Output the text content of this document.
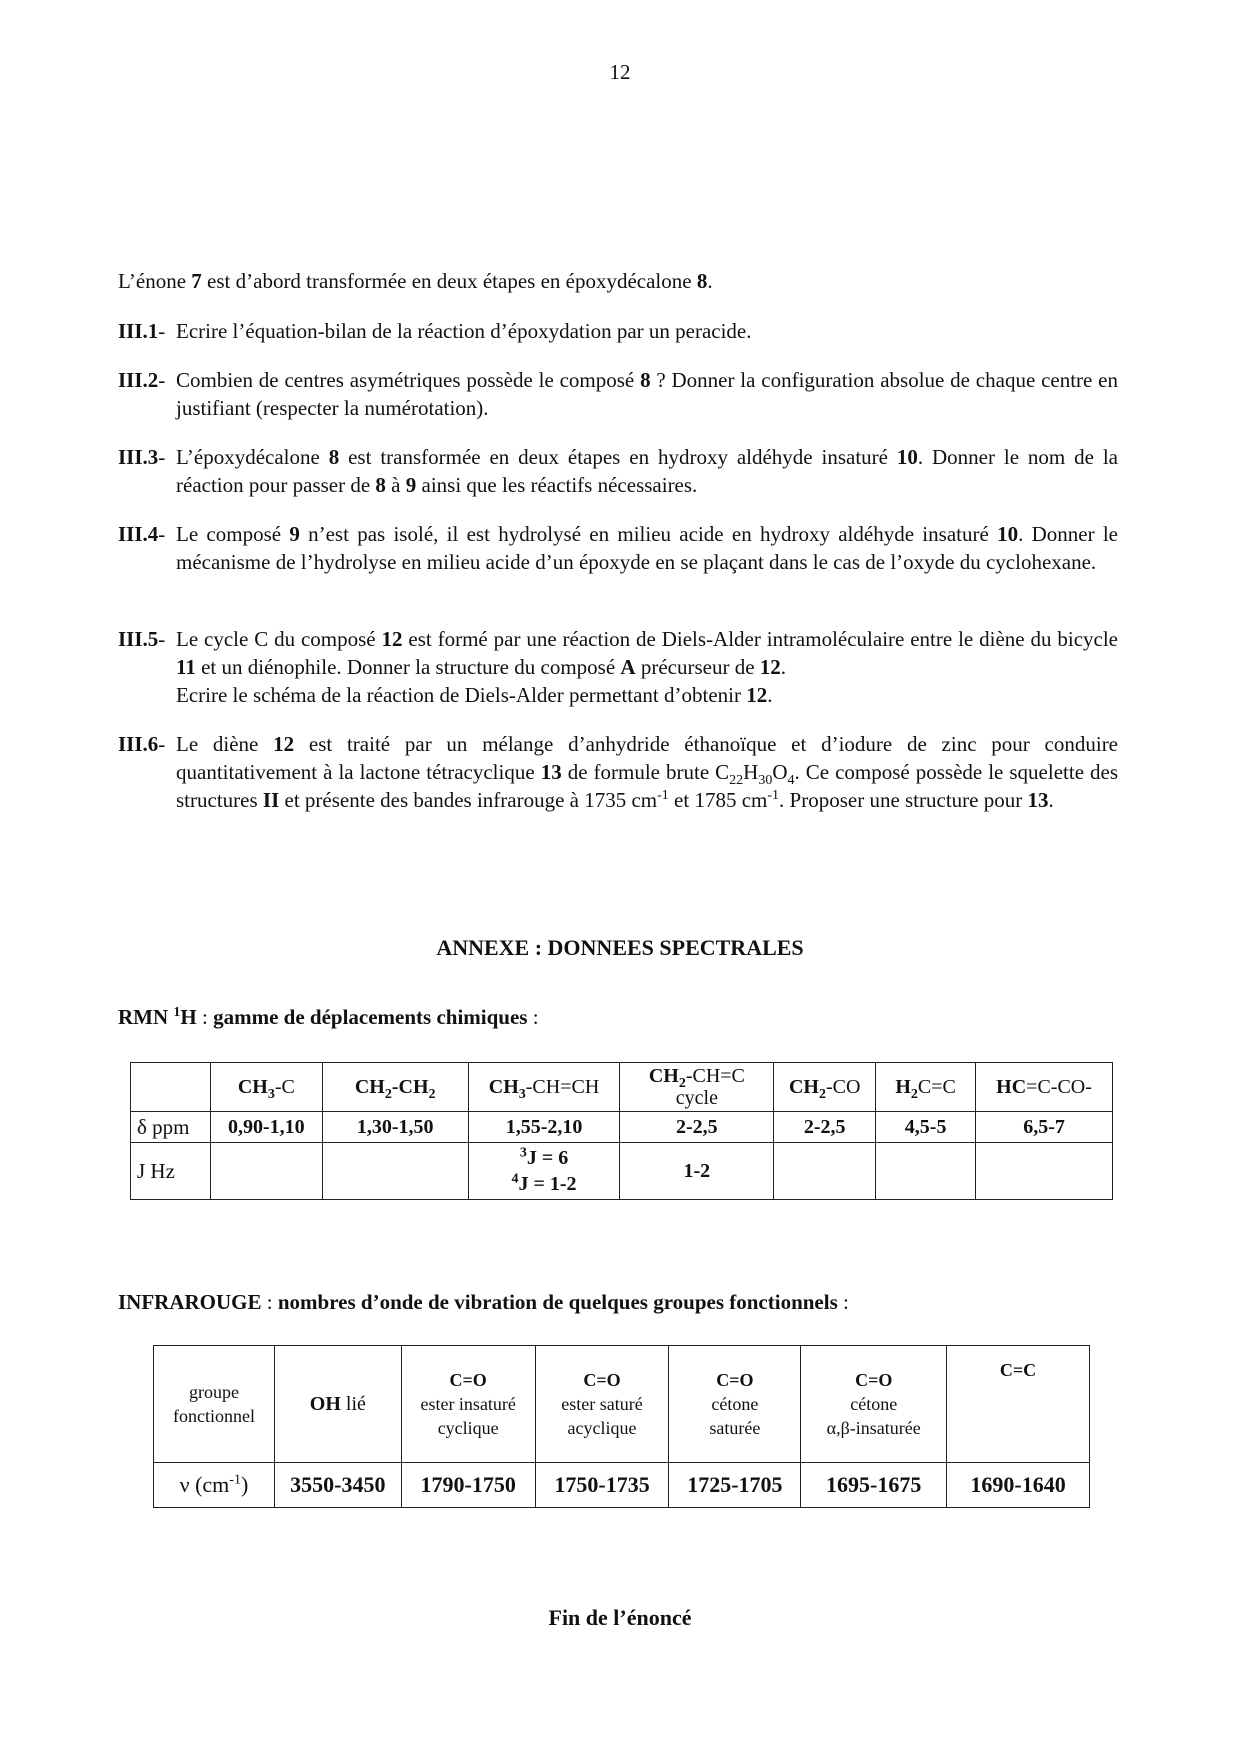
12
L’énone 7 est d’abord transformée en deux étapes en époxydécalone 8.
III.1- Ecrire l’équation-bilan de la réaction d’époxydation par un peracide.
III.2- Combien de centres asymétriques possède le composé 8 ? Donner la configuration absolue de chaque centre en justifiant (respecter la numérotation).
III.3- L’époxydécalone 8 est transformée en deux étapes en hydroxy aldéhyde insaturé 10. Donner le nom de la réaction pour passer de 8 à 9 ainsi que les réactifs nécessaires.
III.4- Le composé 9 n’est pas isolé, il est hydrolysé en milieu acide en hydroxy aldéhyde insaturé 10. Donner le mécanisme de l’hydrolyse en milieu acide d’un époxyde en se plaçant dans le cas de l’oxyde du cyclohexane.
III.5- Le cycle C du composé 12 est formé par une réaction de Diels-Alder intramoléculaire entre le diène du bicycle 11 et un diénophile. Donner la structure du composé A précurseur de 12.
Ecrire le schéma de la réaction de Diels-Alder permettant d’obtenir 12.
III.6- Le diène 12 est traité par un mélange d’anhydride éthanoïque et d’iodure de zinc pour conduire quantitativement à la lactone tétracyclique 13 de formule brute $C_{22}H_{30}O_4$. Ce composé possède le squelette des structures II et présente des bandes infrarouge à 1735 $cm^{-1}$ et 1785 $cm^{-1}$. Proposer une structure pour 13.
ANNEXE : DONNEES SPECTRALES
RMN $^1$H : gamme de déplacements chimiques :
	$CH_3-C$	$CH_2-CH_2$	$CH_3-CH=CH$	$CH_2-CH=C$
cycle	$CH_2-CO$	$H_2C=C$	HC=C-CO-
δ ppm	0,90-1,10	1,30-1,50	1,55-2,10	2-2,5	2-2,5	4,5-5	6,5-7
J Hz			$^3$J = 6
$^4$J = 1-2	1-2			
INFRAROUGE : nombres d’onde de vibration de quelques groupes fonctionnels :
groupe
fonctionnel	OH lié	C=O
ester insaturé
cyclique	C=O
ester saturé
acyclique	C=O
cétone
saturée	C=O
cétone
α,β-insaturée	C=C
ν $(cm^{-1})$	3550-3450	1790-1750	1750-1735	1725-1705	1695-1675	1690-1640
Fin de l’énoncé
